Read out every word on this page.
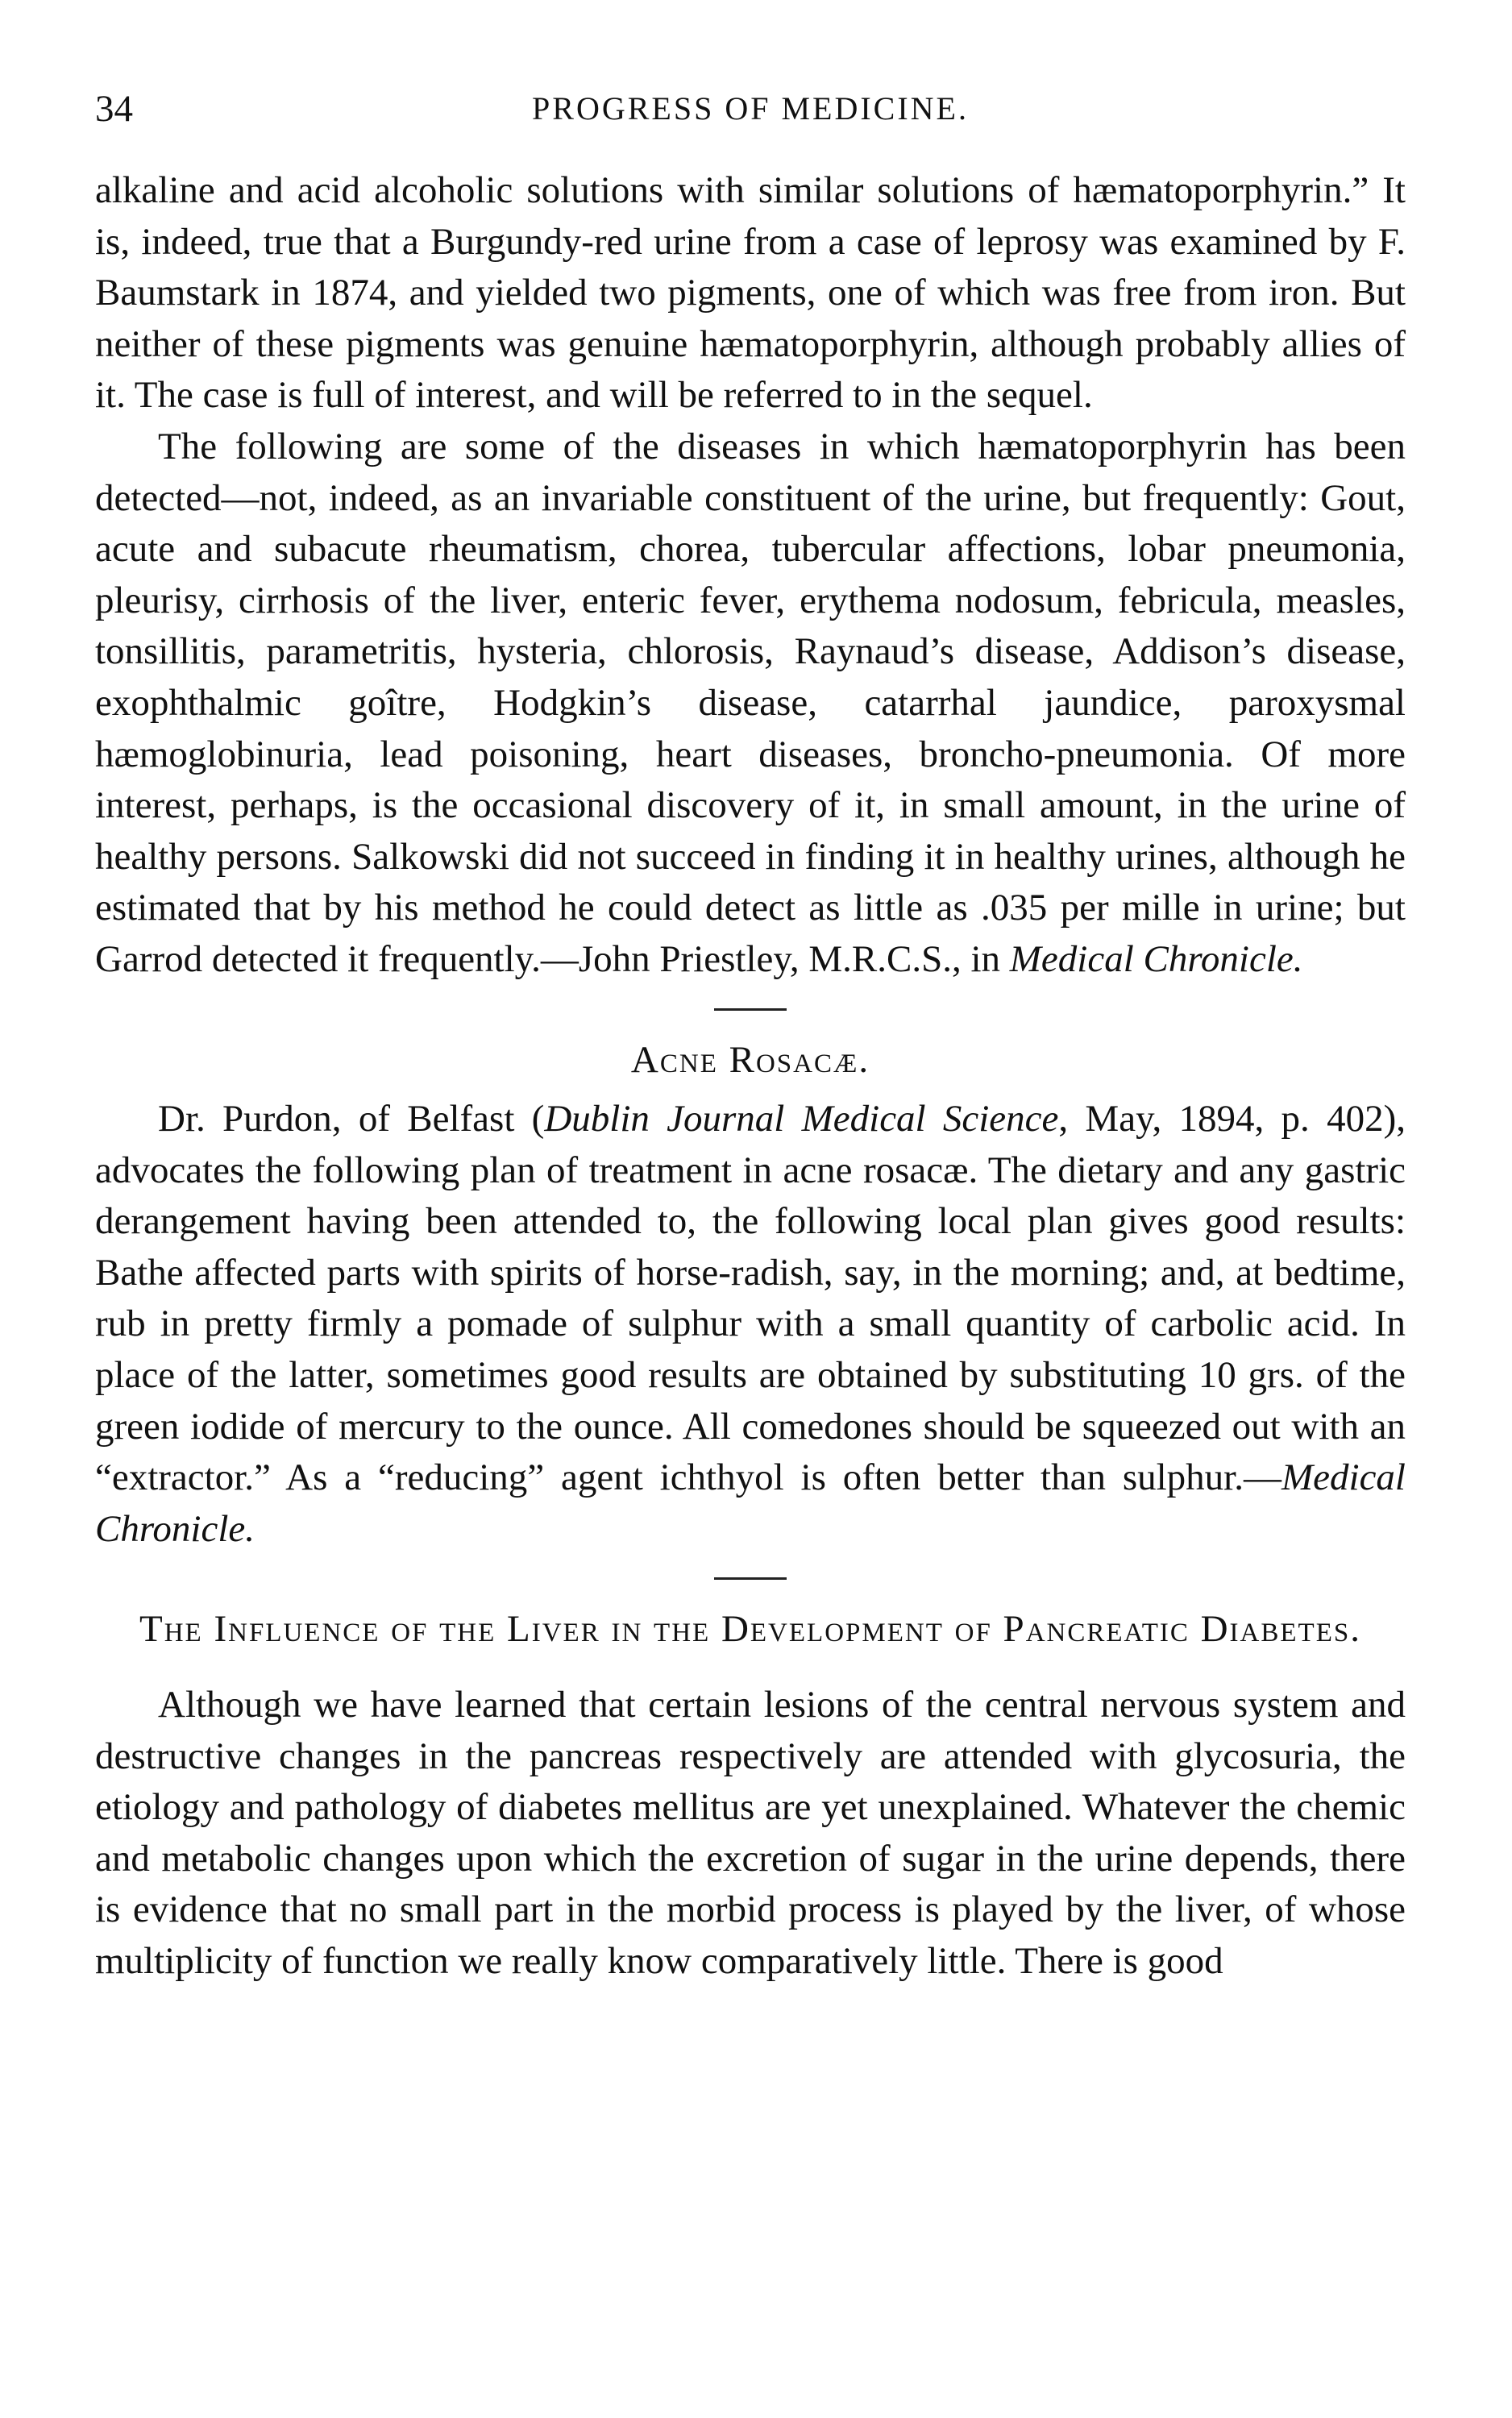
34	PROGRESS OF MEDICINE.

alkaline and acid alcoholic solutions with similar solutions of hæmatoporphyrin.” It is, indeed, true that a Burgundy-red urine from a case of leprosy was examined by F. Baumstark in 1874, and yielded two pigments, one of which was free from iron. But neither of these pigments was genuine hæmatoporphyrin, although probably allies of it. The case is full of interest, and will be referred to in the sequel.

The following are some of the diseases in which hæmatoporphyrin has been detected—not, indeed, as an invariable constituent of the urine, but frequently: Gout, acute and subacute rheumatism, chorea, tubercular affections, lobar pneumonia, pleurisy, cirrhosis of the liver, enteric fever, erythema nodosum, febricula, measles, tonsillitis, parametritis, hysteria, chlorosis, Raynaud’s disease, Addison’s disease, exophthalmic goître, Hodgkin’s disease, catarrhal jaundice, paroxysmal hæmoglobinuria, lead poisoning, heart diseases, broncho-pneumonia. Of more interest, perhaps, is the occasional discovery of it, in small amount, in the urine of healthy persons. Salkowski did not succeed in finding it in healthy urines, although he estimated that by his method he could detect as little as .035 per mille in urine; but Garrod detected it frequently.—John Priestley, M.R.C.S., in Medical Chronicle.

Acne Rosacæ.

Dr. Purdon, of Belfast (Dublin Journal Medical Science, May, 1894, p. 402), advocates the following plan of treatment in acne rosacæ. The dietary and any gastric derangement having been attended to, the following local plan gives good results: Bathe affected parts with spirits of horse-radish, say, in the morning; and, at bedtime, rub in pretty firmly a pomade of sulphur with a small quantity of carbolic acid. In place of the latter, sometimes good results are obtained by substituting 10 grs. of the green iodide of mercury to the ounce. All comedones should be squeezed out with an “extractor.” As a “reducing” agent ichthyol is often better than sulphur.—Medical Chronicle.

The Influence of the Liver in the Development of Pancreatic Diabetes.

Although we have learned that certain lesions of the central nervous system and destructive changes in the pancreas respectively are attended with glycosuria, the etiology and pathology of diabetes mellitus are yet unexplained. Whatever the chemic and metabolic changes upon which the excretion of sugar in the urine depends, there is evidence that no small part in the morbid process is played by the liver, of whose multiplicity of function we really know comparatively little. There is good
